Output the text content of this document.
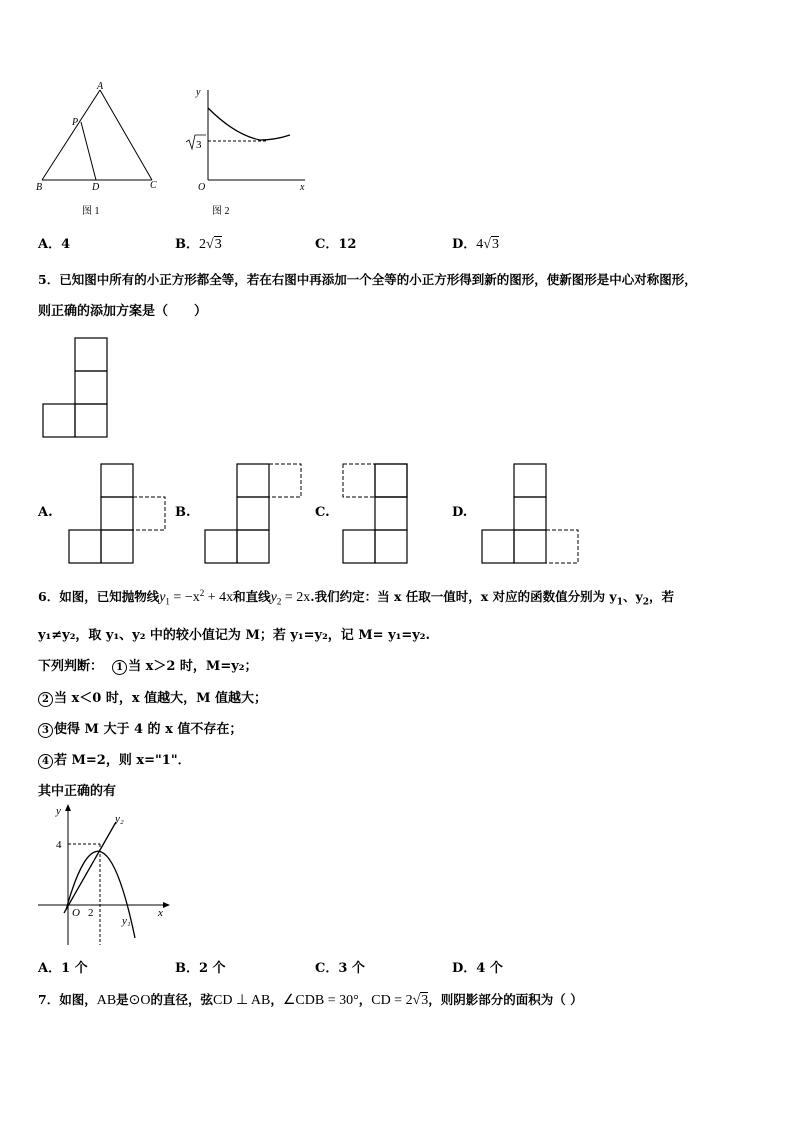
A
P
B	D	C
图 1
y
3
O	x
图 2
A．4	B．2√3	C．12	D．4√3
5．已知图中所有的小正方形都全等，若在右图中再添加一个全等的小正方形得到新的图形，使新图形是中心对称图形，
则正确的添加方案是（　　）
A.	B.	C.	D.
6．如图，已知抛物线$y_1 = -x^2 + 4x$和直线$y_2 = 2x$.我们约定：当 x 任取一值时，x 对应的函数值分别为 $y_1$、$y_2$，若
y₁≠y₂，取 y₁、y₂ 中的较小值记为 M；若 y₁=y₂，记 M= y₁=y₂.
下列判断： 1 当 x＞2 时，M=y₂；
2 当 x＜0 时，x 值越大，M 值越大；
3 使得 M 大于 4 的 x 值不存在；
4 若 M=2，则 x="1"．
其中正确的有
y
y₂
4
O 2	x
y₁
A．1 个	B．2 个	C．3 个	D．4 个
7．如图，AB是⊙O的直径，弦CD ⊥ AB，∠CDB = 30°，CD = 2√3，则阴影部分的面积为（ ）
